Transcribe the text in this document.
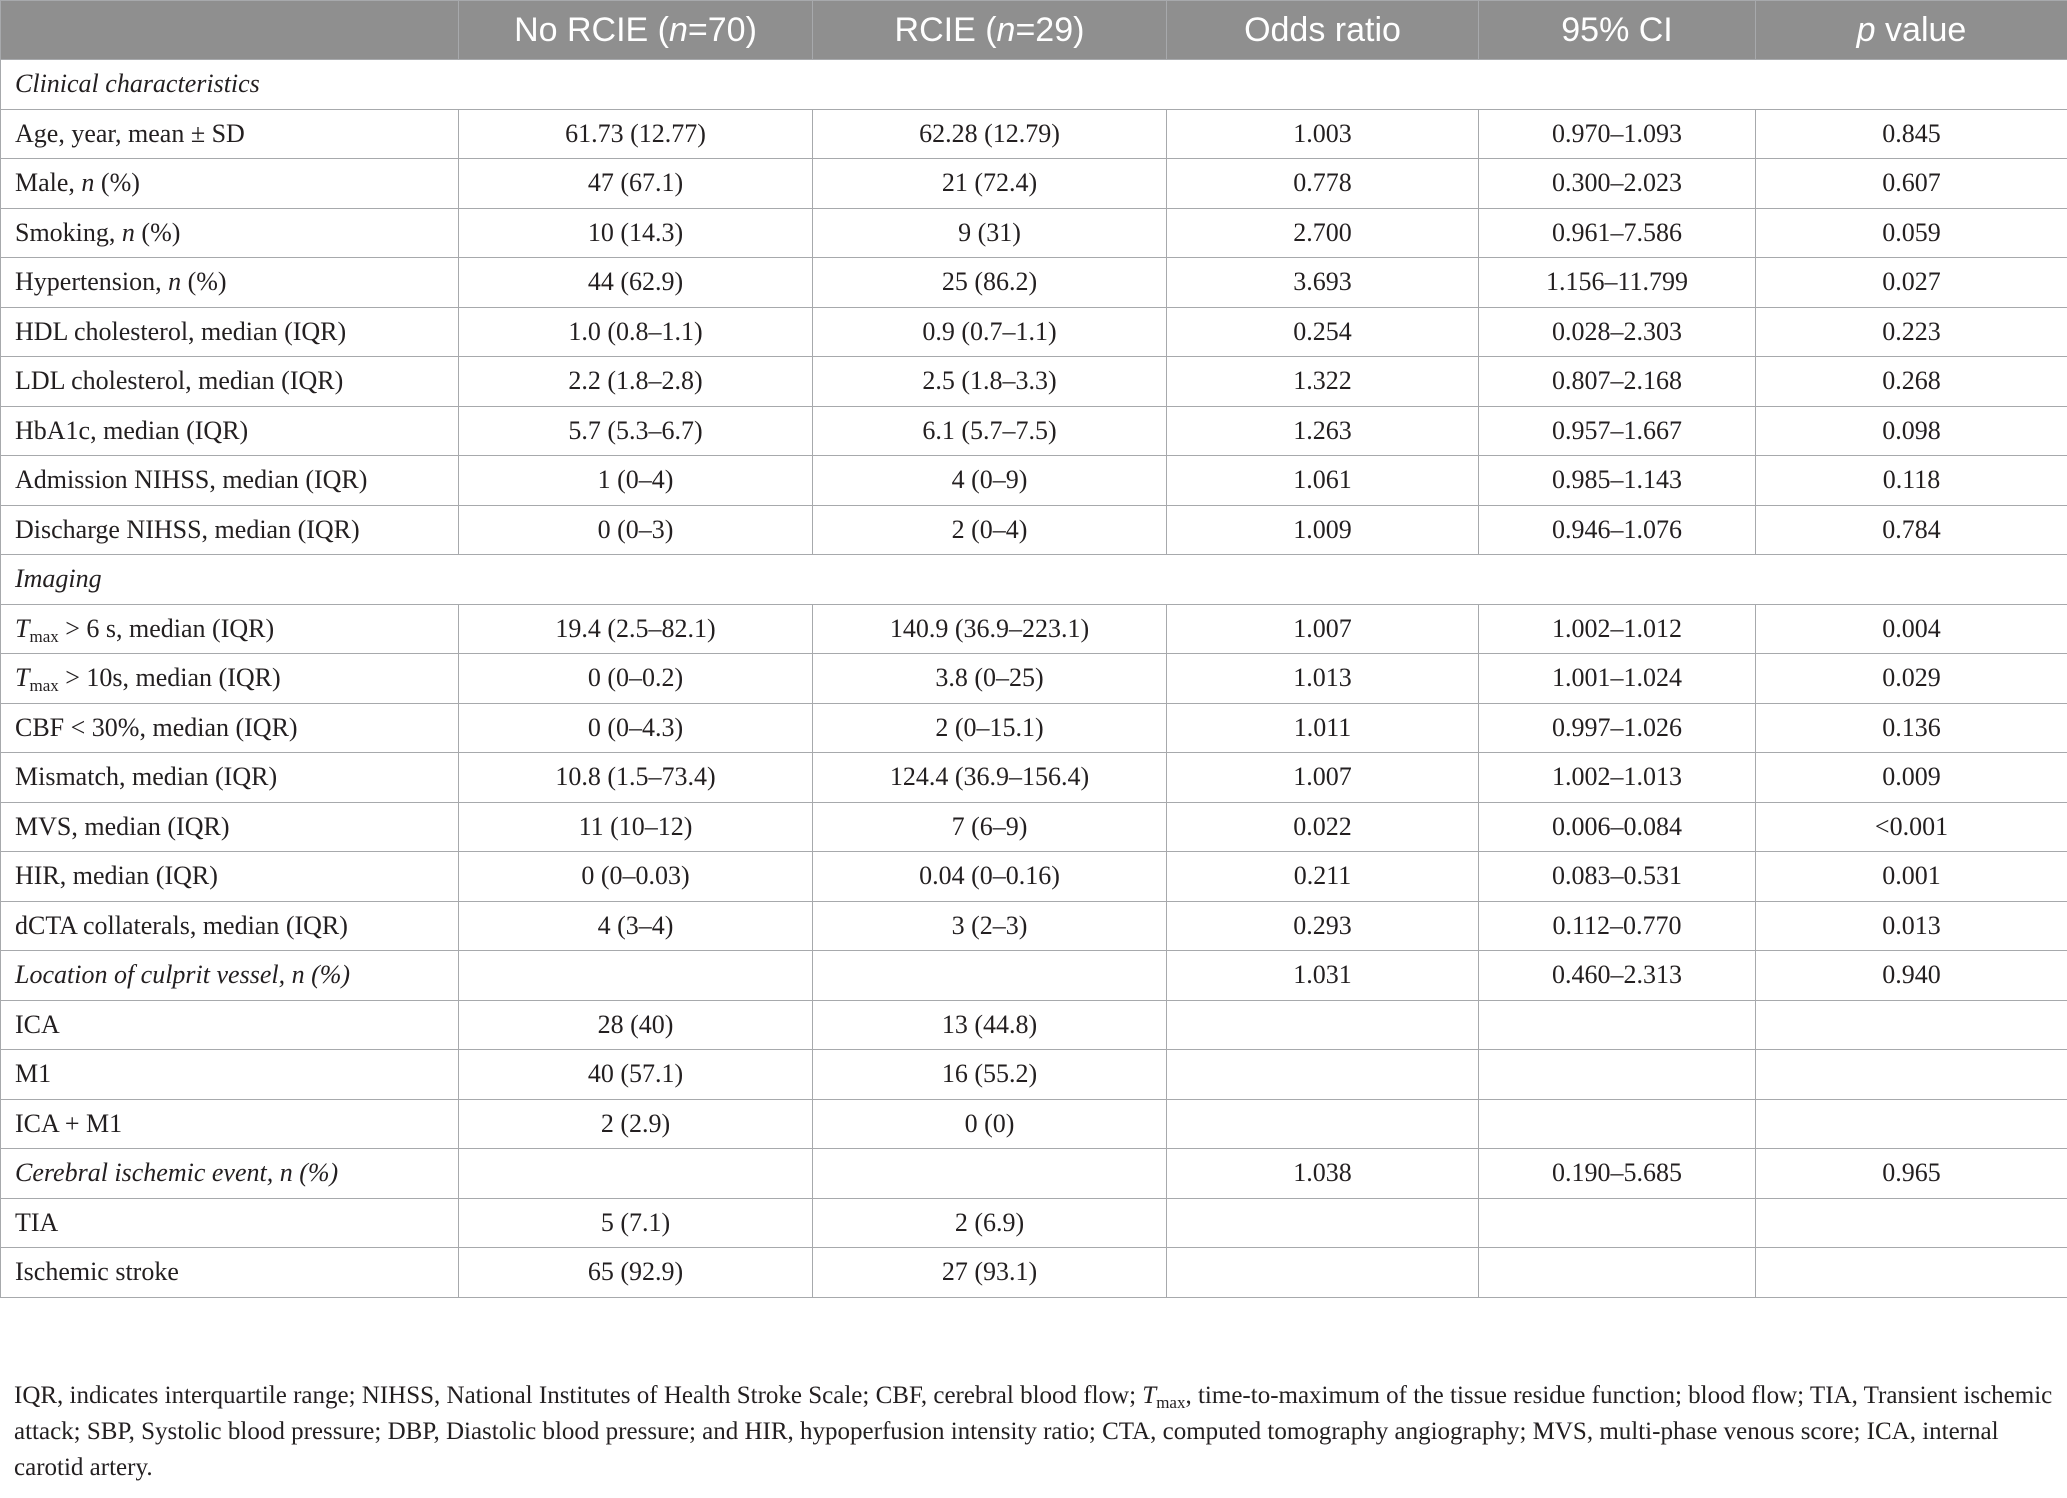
	No RCIE (n=70)	RCIE (n=29)	Odds ratio	95% CI	p value
Clinical characteristics					
Age, year, mean ± SD	61.73 (12.77)	62.28 (12.79)	1.003	0.970–1.093	0.845
Male, n (%)	47 (67.1)	21 (72.4)	0.778	0.300–2.023	0.607
Smoking, n (%)	10 (14.3)	9 (31)	2.700	0.961–7.586	0.059
Hypertension, n (%)	44 (62.9)	25 (86.2)	3.693	1.156–11.799	0.027
HDL cholesterol, median (IQR)	1.0 (0.8–1.1)	0.9 (0.7–1.1)	0.254	0.028–2.303	0.223
LDL cholesterol, median (IQR)	2.2 (1.8–2.8)	2.5 (1.8–3.3)	1.322	0.807–2.168	0.268
HbA1c, median (IQR)	5.7 (5.3–6.7)	6.1 (5.7–7.5)	1.263	0.957–1.667	0.098
Admission NIHSS, median (IQR)	1 (0–4)	4 (0–9)	1.061	0.985–1.143	0.118
Discharge NIHSS, median (IQR)	0 (0–3)	2 (0–4)	1.009	0.946–1.076	0.784
Imaging					
$T_{max} > 6$ s, median (IQR)	19.4 (2.5–82.1)	140.9 (36.9–223.1)	1.007	1.002–1.012	0.004
$T_{max} > 10s$, median (IQR)	0 (0–0.2)	3.8 (0–25)	1.013	1.001–1.024	0.029
CBF < 30%, median (IQR)	0 (0–4.3)	2 (0–15.1)	1.011	0.997–1.026	0.136
Mismatch, median (IQR)	10.8 (1.5–73.4)	124.4 (36.9–156.4)	1.007	1.002–1.013	0.009
MVS, median (IQR)	11 (10–12)	7 (6–9)	0.022	0.006–0.084	<0.001
HIR, median (IQR)	0 (0–0.03)	0.04 (0–0.16)	0.211	0.083–0.531	0.001
dCTA collaterals, median (IQR)	4 (3–4)	3 (2–3)	0.293	0.112–0.770	0.013
Location of culprit vessel, n (%)			1.031	0.460–2.313	0.940
ICA	28 (40)	13 (44.8)			
M1	40 (57.1)	16 (55.2)			
ICA + M1	2 (2.9)	0 (0)			
Cerebral ischemic event, n (%)			1.038	0.190–5.685	0.965
TIA	5 (7.1)	2 (6.9)			
Ischemic stroke	65 (92.9)	27 (93.1)			
IQR, indicates interquartile range; NIHSS, National Institutes of Health Stroke Scale; CBF, cerebral blood flow; $T_{max}$, time-to-maximum of the tissue residue function; blood flow; TIA, Transient ischemic attack; SBP, Systolic blood pressure; DBP, Diastolic blood pressure; and HIR, hypoperfusion intensity ratio; CTA, computed tomography angiography; MVS, multi-phase venous score; ICA, internal carotid artery.
